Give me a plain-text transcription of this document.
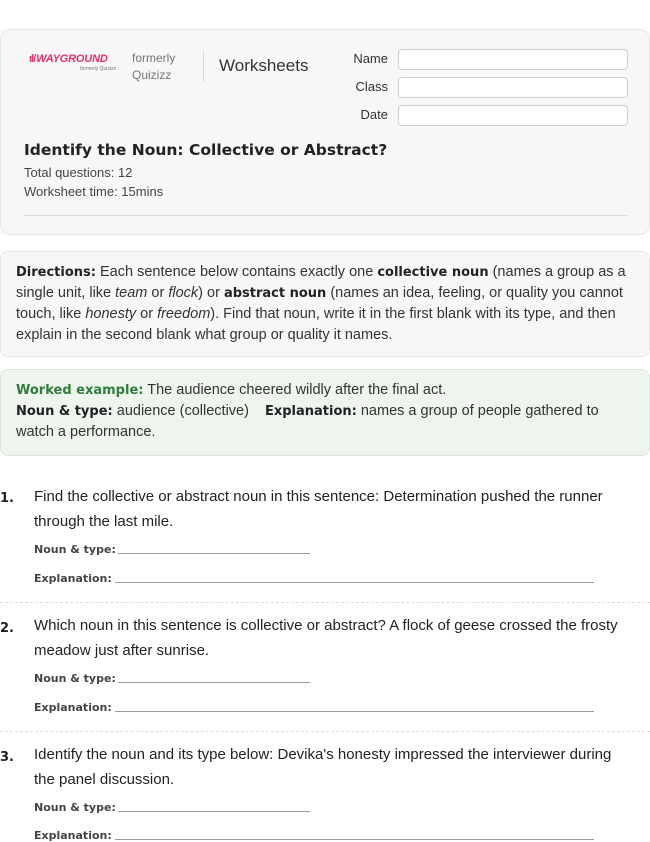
ıl/WAYGROUND
formerly Quizizz
formerly Quizizz	Worksheets	Name
Class
Date
Identify the Noun: Collective or Abstract?
Total questions: 12
Worksheet time: 15mins
Directions: Each sentence below contains exactly one collective noun (names a group as a single unit, like team or flock) or abstract noun (names an idea, feeling, or quality you cannot touch, like honesty or freedom). Find that noun, write it in the first blank with its type, and then explain in the second blank what group or quality it names.
Worked example: The audience cheered wildly after the final act.
Noun & type: audience (collective) Explanation: names a group of people gathered to watch a performance.
1. Find the collective or abstract noun in this sentence: Determination pushed the runner through the last mile.
Noun & type:
Explanation:
2. Which noun in this sentence is collective or abstract? A flock of geese crossed the frosty meadow just after sunrise.
Noun & type:
Explanation:
3. Identify the noun and its type below: Devika's honesty impressed the interviewer during the panel discussion.
Noun & type:
Explanation:
